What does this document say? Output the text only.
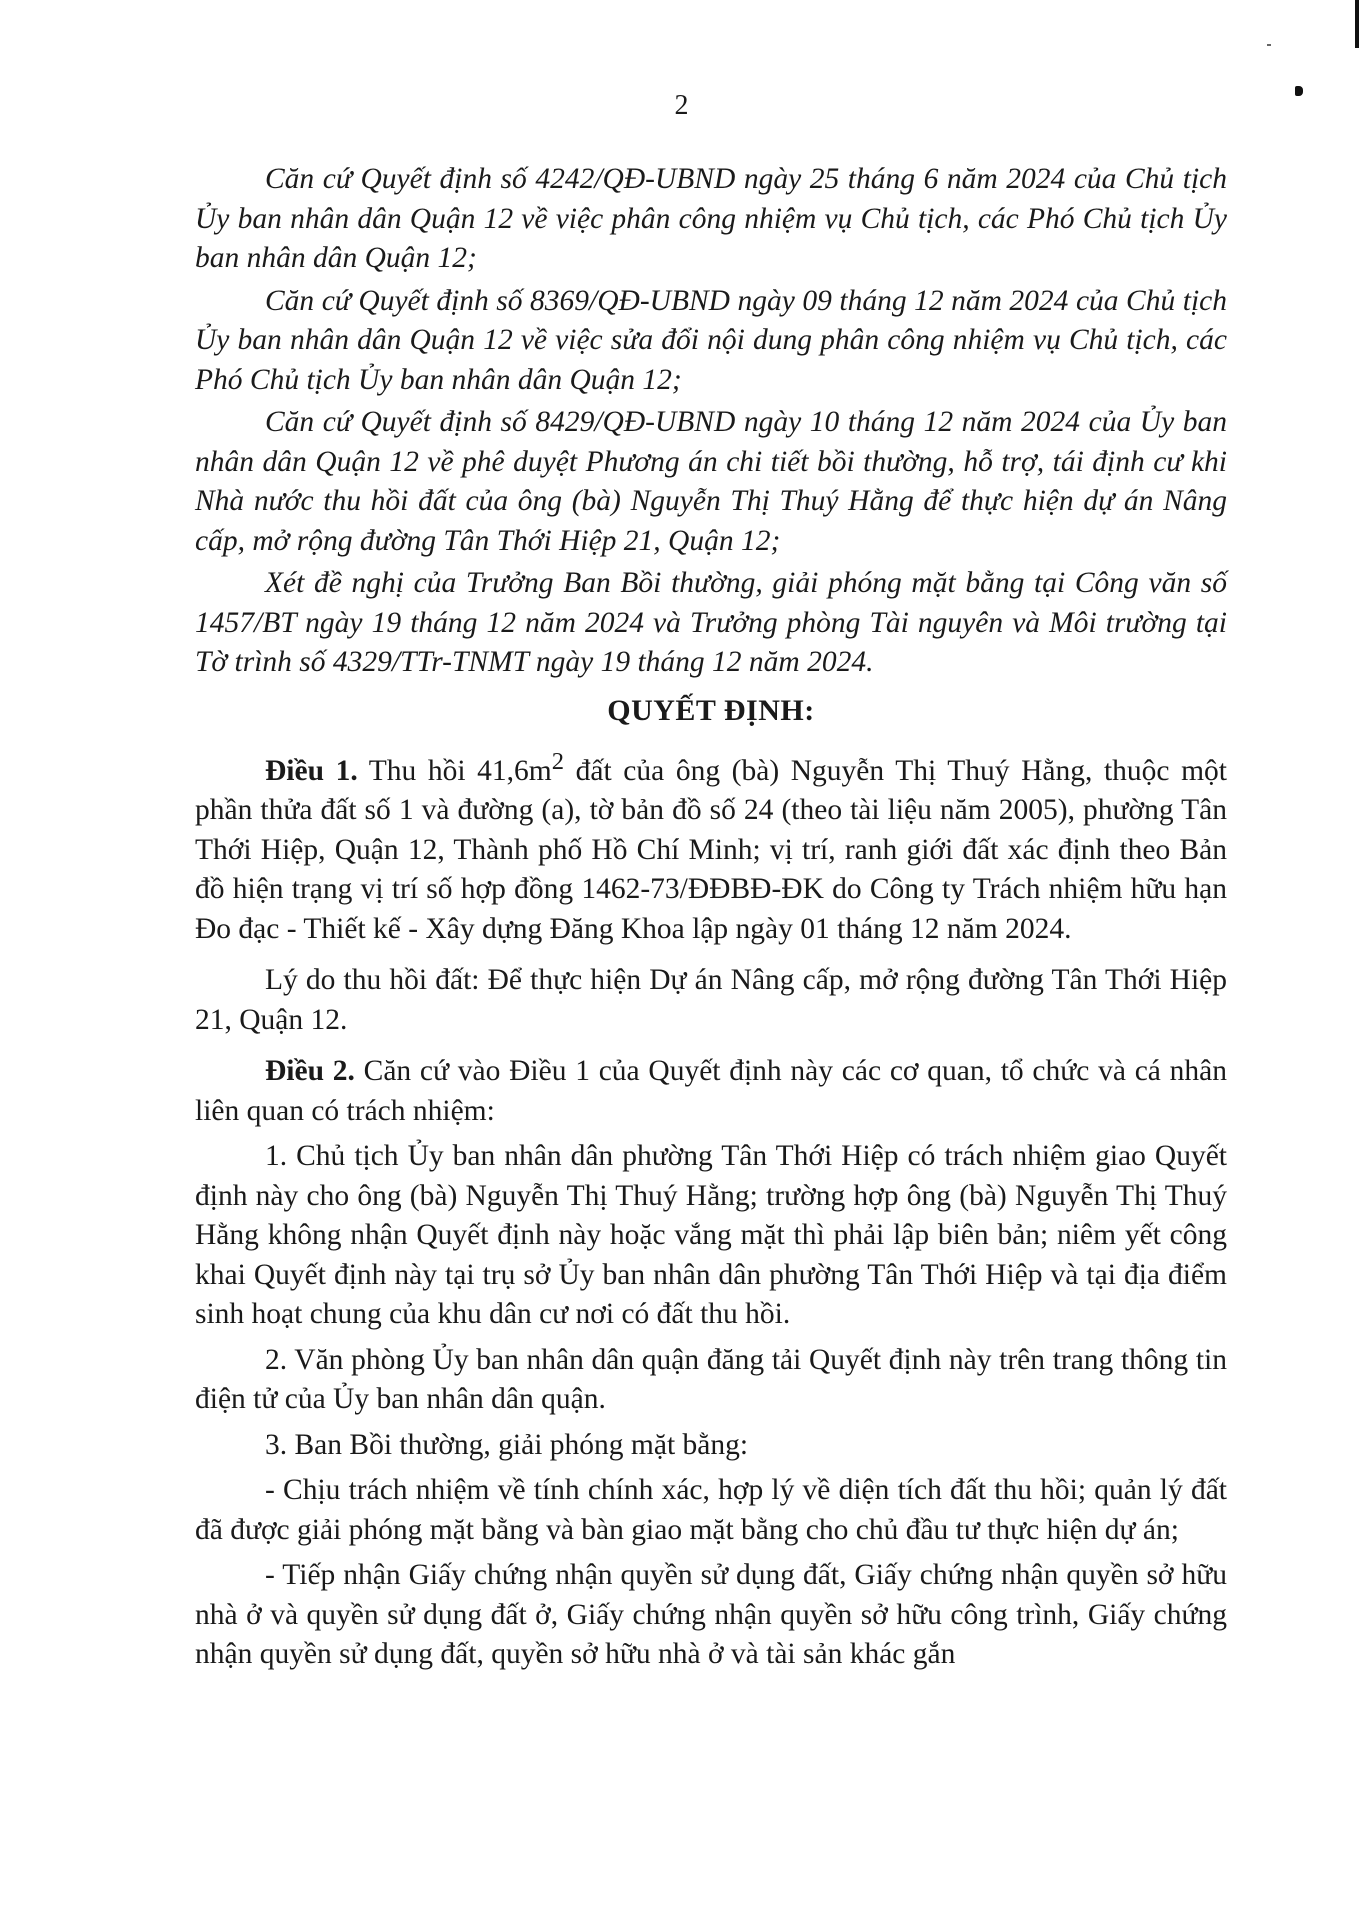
2

Căn cứ Quyết định số 4242/QĐ-UBND ngày 25 tháng 6 năm 2024 của Chủ tịch Ủy ban nhân dân Quận 12 về việc phân công nhiệm vụ Chủ tịch, các Phó Chủ tịch Ủy ban nhân dân Quận 12;

Căn cứ Quyết định số 8369/QĐ-UBND ngày 09 tháng 12 năm 2024 của Chủ tịch Ủy ban nhân dân Quận 12 về việc sửa đổi nội dung phân công nhiệm vụ Chủ tịch, các Phó Chủ tịch Ủy ban nhân dân Quận 12;

Căn cứ Quyết định số 8429/QĐ-UBND ngày 10 tháng 12 năm 2024 của Ủy ban nhân dân Quận 12 về phê duyệt Phương án chi tiết bồi thường, hỗ trợ, tái định cư khi Nhà nước thu hồi đất của ông (bà) Nguyễn Thị Thuý Hằng để thực hiện dự án Nâng cấp, mở rộng đường Tân Thới Hiệp 21, Quận 12;

Xét đề nghị của Trưởng Ban Bồi thường, giải phóng mặt bằng tại Công văn số 1457/BT ngày 19 tháng 12 năm 2024 và Trưởng phòng Tài nguyên và Môi trường tại Tờ trình số 4329/TTr-TNMT ngày 19 tháng 12 năm 2024.

QUYẾT ĐỊNH:

Điều 1. Thu hồi $41,6m^2$ đất của ông (bà) Nguyễn Thị Thuý Hằng, thuộc một phần thửa đất số 1 và đường (a), tờ bản đồ số 24 (theo tài liệu năm 2005), phường Tân Thới Hiệp, Quận 12, Thành phố Hồ Chí Minh; vị trí, ranh giới đất xác định theo Bản đồ hiện trạng vị trí số hợp đồng 1462-73/ĐĐBĐ-ĐK do Công ty Trách nhiệm hữu hạn Đo đạc - Thiết kế - Xây dựng Đăng Khoa lập ngày 01 tháng 12 năm 2024.

Lý do thu hồi đất: Để thực hiện Dự án Nâng cấp, mở rộng đường Tân Thới Hiệp 21, Quận 12.

Điều 2. Căn cứ vào Điều 1 của Quyết định này các cơ quan, tổ chức và cá nhân liên quan có trách nhiệm:

1. Chủ tịch Ủy ban nhân dân phường Tân Thới Hiệp có trách nhiệm giao Quyết định này cho ông (bà) Nguyễn Thị Thuý Hằng; trường hợp ông (bà) Nguyễn Thị Thuý Hằng không nhận Quyết định này hoặc vắng mặt thì phải lập biên bản; niêm yết công khai Quyết định này tại trụ sở Ủy ban nhân dân phường Tân Thới Hiệp và tại địa điểm sinh hoạt chung của khu dân cư nơi có đất thu hồi.

2. Văn phòng Ủy ban nhân dân quận đăng tải Quyết định này trên trang thông tin điện tử của Ủy ban nhân dân quận.

3. Ban Bồi thường, giải phóng mặt bằng:

- Chịu trách nhiệm về tính chính xác, hợp lý về diện tích đất thu hồi; quản lý đất đã được giải phóng mặt bằng và bàn giao mặt bằng cho chủ đầu tư thực hiện dự án;

- Tiếp nhận Giấy chứng nhận quyền sử dụng đất, Giấy chứng nhận quyền sở hữu nhà ở và quyền sử dụng đất ở, Giấy chứng nhận quyền sở hữu công trình, Giấy chứng nhận quyền sử dụng đất, quyền sở hữu nhà ở và tài sản khác gắn
